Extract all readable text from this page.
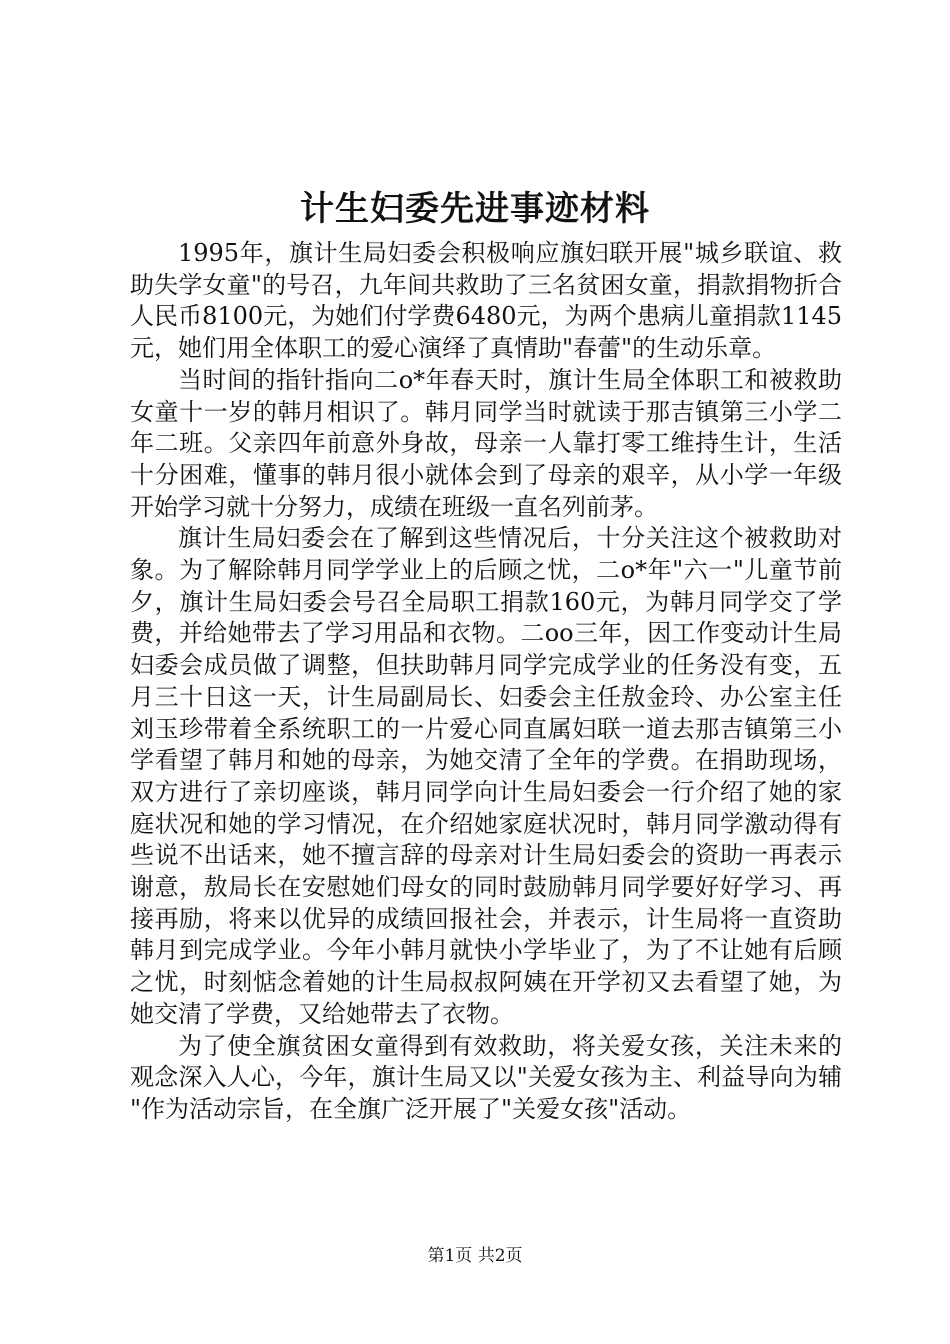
计生妇委先进事迹材料

1995年，旗计生局妇委会积极响应旗妇联开展"城乡联谊、救助失学女童"的号召，九年间共救助了三名贫困女童，捐款捐物折合人民币8100元，为她们付学费6480元，为两个患病儿童捐款1145元，她们用全体职工的爱心演绎了真情助"春蕾"的生动乐章。

当时间的指针指向二o*年春天时，旗计生局全体职工和被救助女童十一岁的韩月相识了。韩月同学当时就读于那吉镇第三小学二年二班。父亲四年前意外身故，母亲一人靠打零工维持生计，生活十分困难，懂事的韩月很小就体会到了母亲的艰辛，从小学一年级开始学习就十分努力，成绩在班级一直名列前茅。

旗计生局妇委会在了解到这些情况后，十分关注这个被救助对象。为了解除韩月同学学业上的后顾之忧，二o*年"六一"儿童节前夕，旗计生局妇委会号召全局职工捐款160元，为韩月同学交了学费，并给她带去了学习用品和衣物。二oo三年，因工作变动计生局妇委会成员做了调整，但扶助韩月同学完成学业的任务没有变，五月三十日这一天，计生局副局长、妇委会主任敖金玲、办公室主任刘玉珍带着全系统职工的一片爱心同直属妇联一道去那吉镇第三小学看望了韩月和她的母亲，为她交清了全年的学费。在捐助现场，双方进行了亲切座谈，韩月同学向计生局妇委会一行介绍了她的家庭状况和她的学习情况，在介绍她家庭状况时，韩月同学激动得有些说不出话来，她不擅言辞的母亲对计生局妇委会的资助一再表示谢意，敖局长在安慰她们母女的同时鼓励韩月同学要好好学习、再接再励，将来以优异的成绩回报社会，并表示，计生局将一直资助韩月到完成学业。今年小韩月就快小学毕业了，为了不让她有后顾之忧，时刻惦念着她的计生局叔叔阿姨在开学初又去看望了她，为她交清了学费，又给她带去了衣物。

为了使全旗贫困女童得到有效救助，将关爱女孩，关注未来的观念深入人心，今年，旗计生局又以"关爱女孩为主、利益导向为辅"作为活动宗旨，在全旗广泛开展了"关爱女孩"活动。

第1页 共2页
